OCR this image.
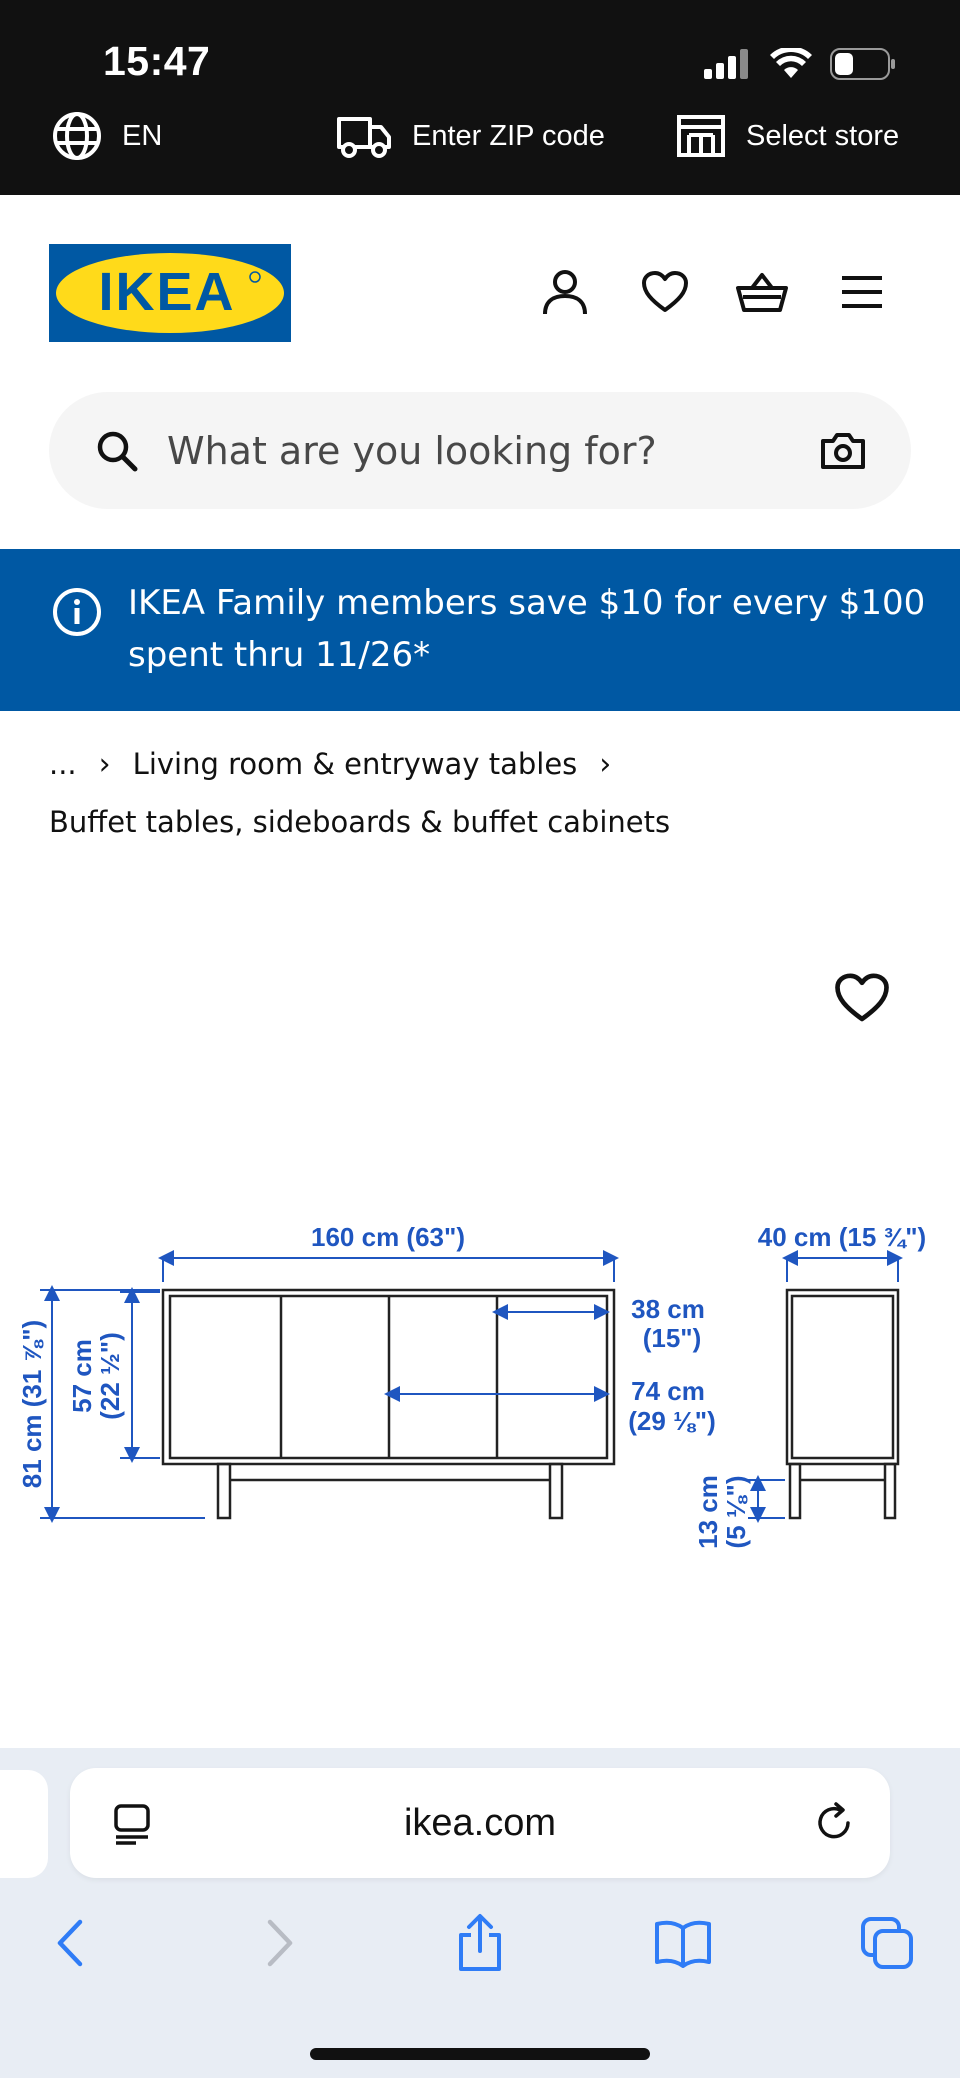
15:47
EN	Enter ZIP code	Select store
IKEA
What are you looking for?
IKEA Family members save $10 for every $100 spent thru 11/26*
... › Living room & entryway tables ›
Buffet tables, sideboards & buffet cabinets
160 cm (63")	40 cm (15 ¾")
38 cm
(15")
74 cm
(29 ⅛")
81 cm (31 ⅞") 57 cm
(22 ½")
13 cm
(5 ⅛")
ikea.com
